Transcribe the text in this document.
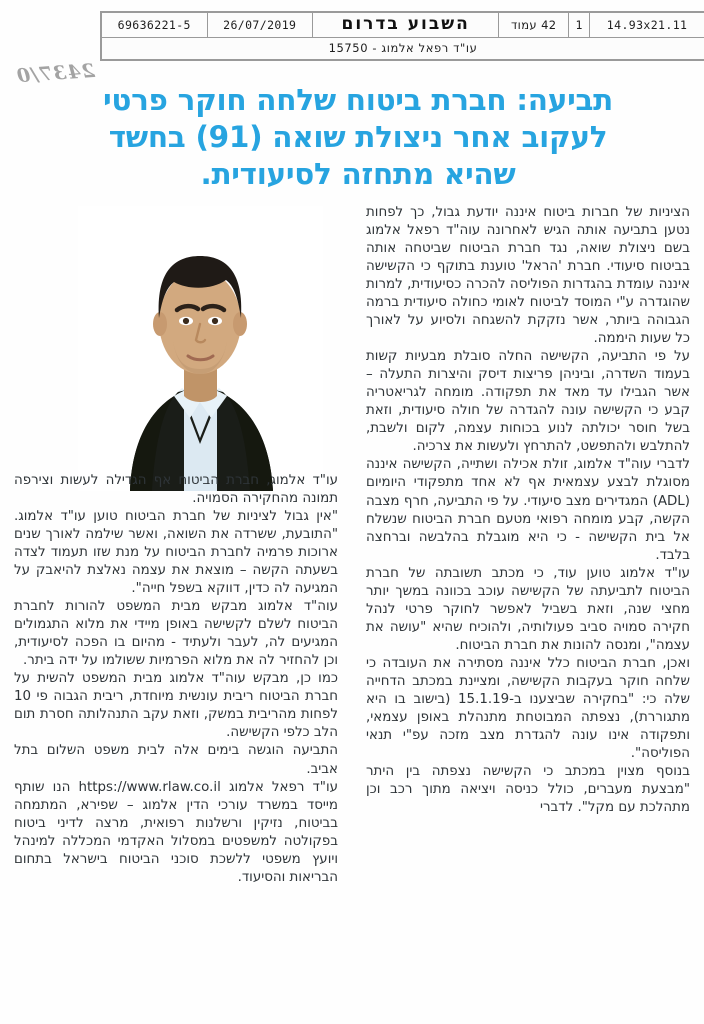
14.93x21.11	1	42 עמוד	השבוע בדרום	26/07/2019	69636221-5
עו"ד רפאל אלמוג - 15750
2437/0
תביעה: חברת ביטוח שלחה חוקר פרטי
לעקוב אחר ניצולת שואה (91) בחשד
שהיא מתחזה לסיעודית.

הציניות של חברות ביטוח איננה יודעת גבול, כך לפחות נטען בתביעה אותה הגיש לאחרונה עוה"ד רפאל אלמוג בשם ניצולת שואה, נגד חברת הביטוח שביטחה אותה בביטוח סיעודי. חברת 'הראל' טוענת בתוקף כי הקשישה איננה עומדת בהגדרות הפוליסה להכרה כסיעודית, למרות שהוגדרה ע"י המוסד לביטוח לאומי כחולה סיעודית ברמה הגבוהה ביותר, אשר נזקקת להשגחה ולסיוע על לאורך כל שעות היממה.

על פי התביעה, הקשישה החלה סובלת מבעיות קשות בעמוד השדרה, וביניהן פריצות דיסק והיצרות התעלה – אשר הגבילו עד מאד את תפקודה. מומחה לגריאטריה קבע כי הקשישה עונה להגדרה של חולה סיעודית, וזאת בשל חוסר יכולתה לנוע בכוחות עצמה, לקום ולשבת, להתלבש ולהתפשט, להתרחץ ולעשות את צרכיה.

לדברי עוה"ד אלמוג, זולת אכילה ושתייה, הקשישה איננה מסוגלת לבצע עצמאית אף לא אחד מתפקודי היומיום (ADL) המגדירים מצב סיעודי. על פי התביעה, חרף מצבה הקשה, קבע מומחה רפואי מטעם חברת הביטוח שנשלח אל בית הקשישה - כי היא מוגבלת בהלבשה וברחצה בלבד.

עו"ד אלמוג טוען עוד, כי מכתב תשובתה של חברת הביטוח לתביעתה של הקשישה עוכב בכוונה במשך יותר מחצי שנה, וזאת בשביל לאפשר לחוקר פרטי לנהל חקירה סמויה סביב פעולותיה, ולהוכיח שהיא "עושה את עצמה", ומנסה להונות את חברת הביטוח.

ואכן, חברת הביטוח כלל איננה מסתירה את העובדה כי שלחה חוקר בעקבות הקשישה, ומציינת במכתב הדחייה שלה כי: "בחקירה שביצענו ב-15.1.19 (בישוב בו היא מתגוררת), נצפתה המבוטחת מתנהלת באופן עצמאי, ותפקודה אינו עונה להגדרת מצב מזכה עפ"י תנאי הפוליסה".

בנוסף מצוין במכתב כי הקשישה נצפתה בין היתר "מבצעת מעברים, כולל כניסה ויציאה מתוך רכב וכן מתהלכת עם מקל". לדברי

עו"ד אלמוג, חברת הביטוח אף הגדילה לעשות וצירפה תמונה מהחקירה הסמויה.

"אין גבול לציניות של חברת הביטוח טוען עו"ד אלמוג. "התובעת, ששרדה את השואה, ואשר שילמה לאורך שנים ארוכות פרמיה לחברת הביטוח על מנת שזו תעמוד לצדה בשעתה הקשה – מוצאת את עצמה נאלצת להיאבק על המגיעה לה כדין, דווקא בשפל חייה".

עוה"ד אלמוג מבקש מבית המשפט להורות לחברת הביטוח לשלם לקשישה באופן מיידי את מלוא התגמולים המגיעים לה, לעבר ולעתיד - מהיום בו הפכה לסיעודית, וכן להחזיר לה את מלוא הפרמיות ששולמו על ידה ביתר.

כמו כן, מבקש עוה"ד אלמוג מבית המשפט להשית על חברת הביטוח ריבית עונשית מיוחדת, ריבית הגבוה פי 10 לפחות מהריבית במשק, וזאת עקב התנהלותה חסרת תום הלב כלפי הקשישה.

התביעה הוגשה בימים אלה לבית משפט השלום בתל אביב.

עו"ד רפאל אלמוג https://www.rlaw.co.il הנו שותף מייסד במשרד עורכי הדין אלמוג – שפירא, המתמחה בביטוח, נזיקין ורשלנות רפואית, מרצה לדיני ביטוח בפקולטה למשפטים במסלול האקדמי המכללה למינהל ויועץ משפטי ללשכת סוכני הביטוח בישראל בתחום הבריאות והסיעוד.
